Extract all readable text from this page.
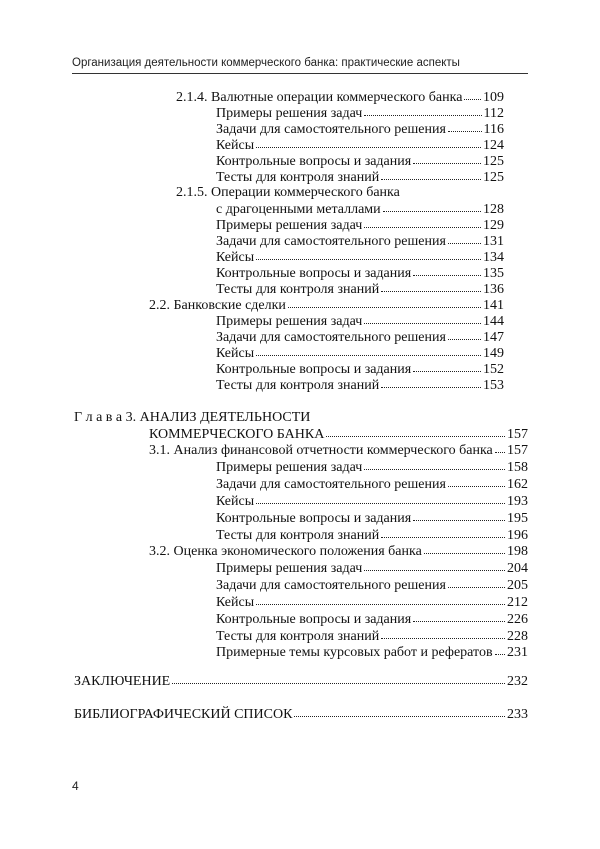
Организация деятельности коммерческого банка: практические аспекты
2.1.4. Валютные операции коммерческого банка 109
Примеры решения задач	112
Задачи для самостоятельного решения	116
Кейсы	124
Контрольные вопросы и задания	125
Тесты для контроля знаний	125
2.1.5. Операции коммерческого банка
с драгоценными металлами	128
Примеры решения задач	129
Задачи для самостоятельного решения	131
Кейсы	134
Контрольные вопросы и задания	135
Тесты для контроля знаний	136
2.2. Банковские сделки	141
Примеры решения задач	144
Задачи для самостоятельного решения	147
Кейсы	149
Контрольные вопросы и задания	152
Тесты для контроля знаний	153
Г л а в а 3. АНАЛИЗ ДЕЯТЕЛЬНОСТИ
КОММЕРЧЕСКОГО БАНКА	157
3.1. Анализ финансовой отчетности коммерческого банка 157
Примеры решения задач	158
Задачи для самостоятельного решения	162
Кейсы	193
Контрольные вопросы и задания	195
Тесты для контроля знаний	196
3.2. Оценка экономического положения банка	198
Примеры решения задач	204
Задачи для самостоятельного решения	205
Кейсы	212
Контрольные вопросы и задания	226
Тесты для контроля знаний	228
Примерные темы курсовых работ и рефератов 231
ЗАКЛЮЧЕНИЕ	232
БИБЛИОГРАФИЧЕСКИЙ СПИСОК	233
4
